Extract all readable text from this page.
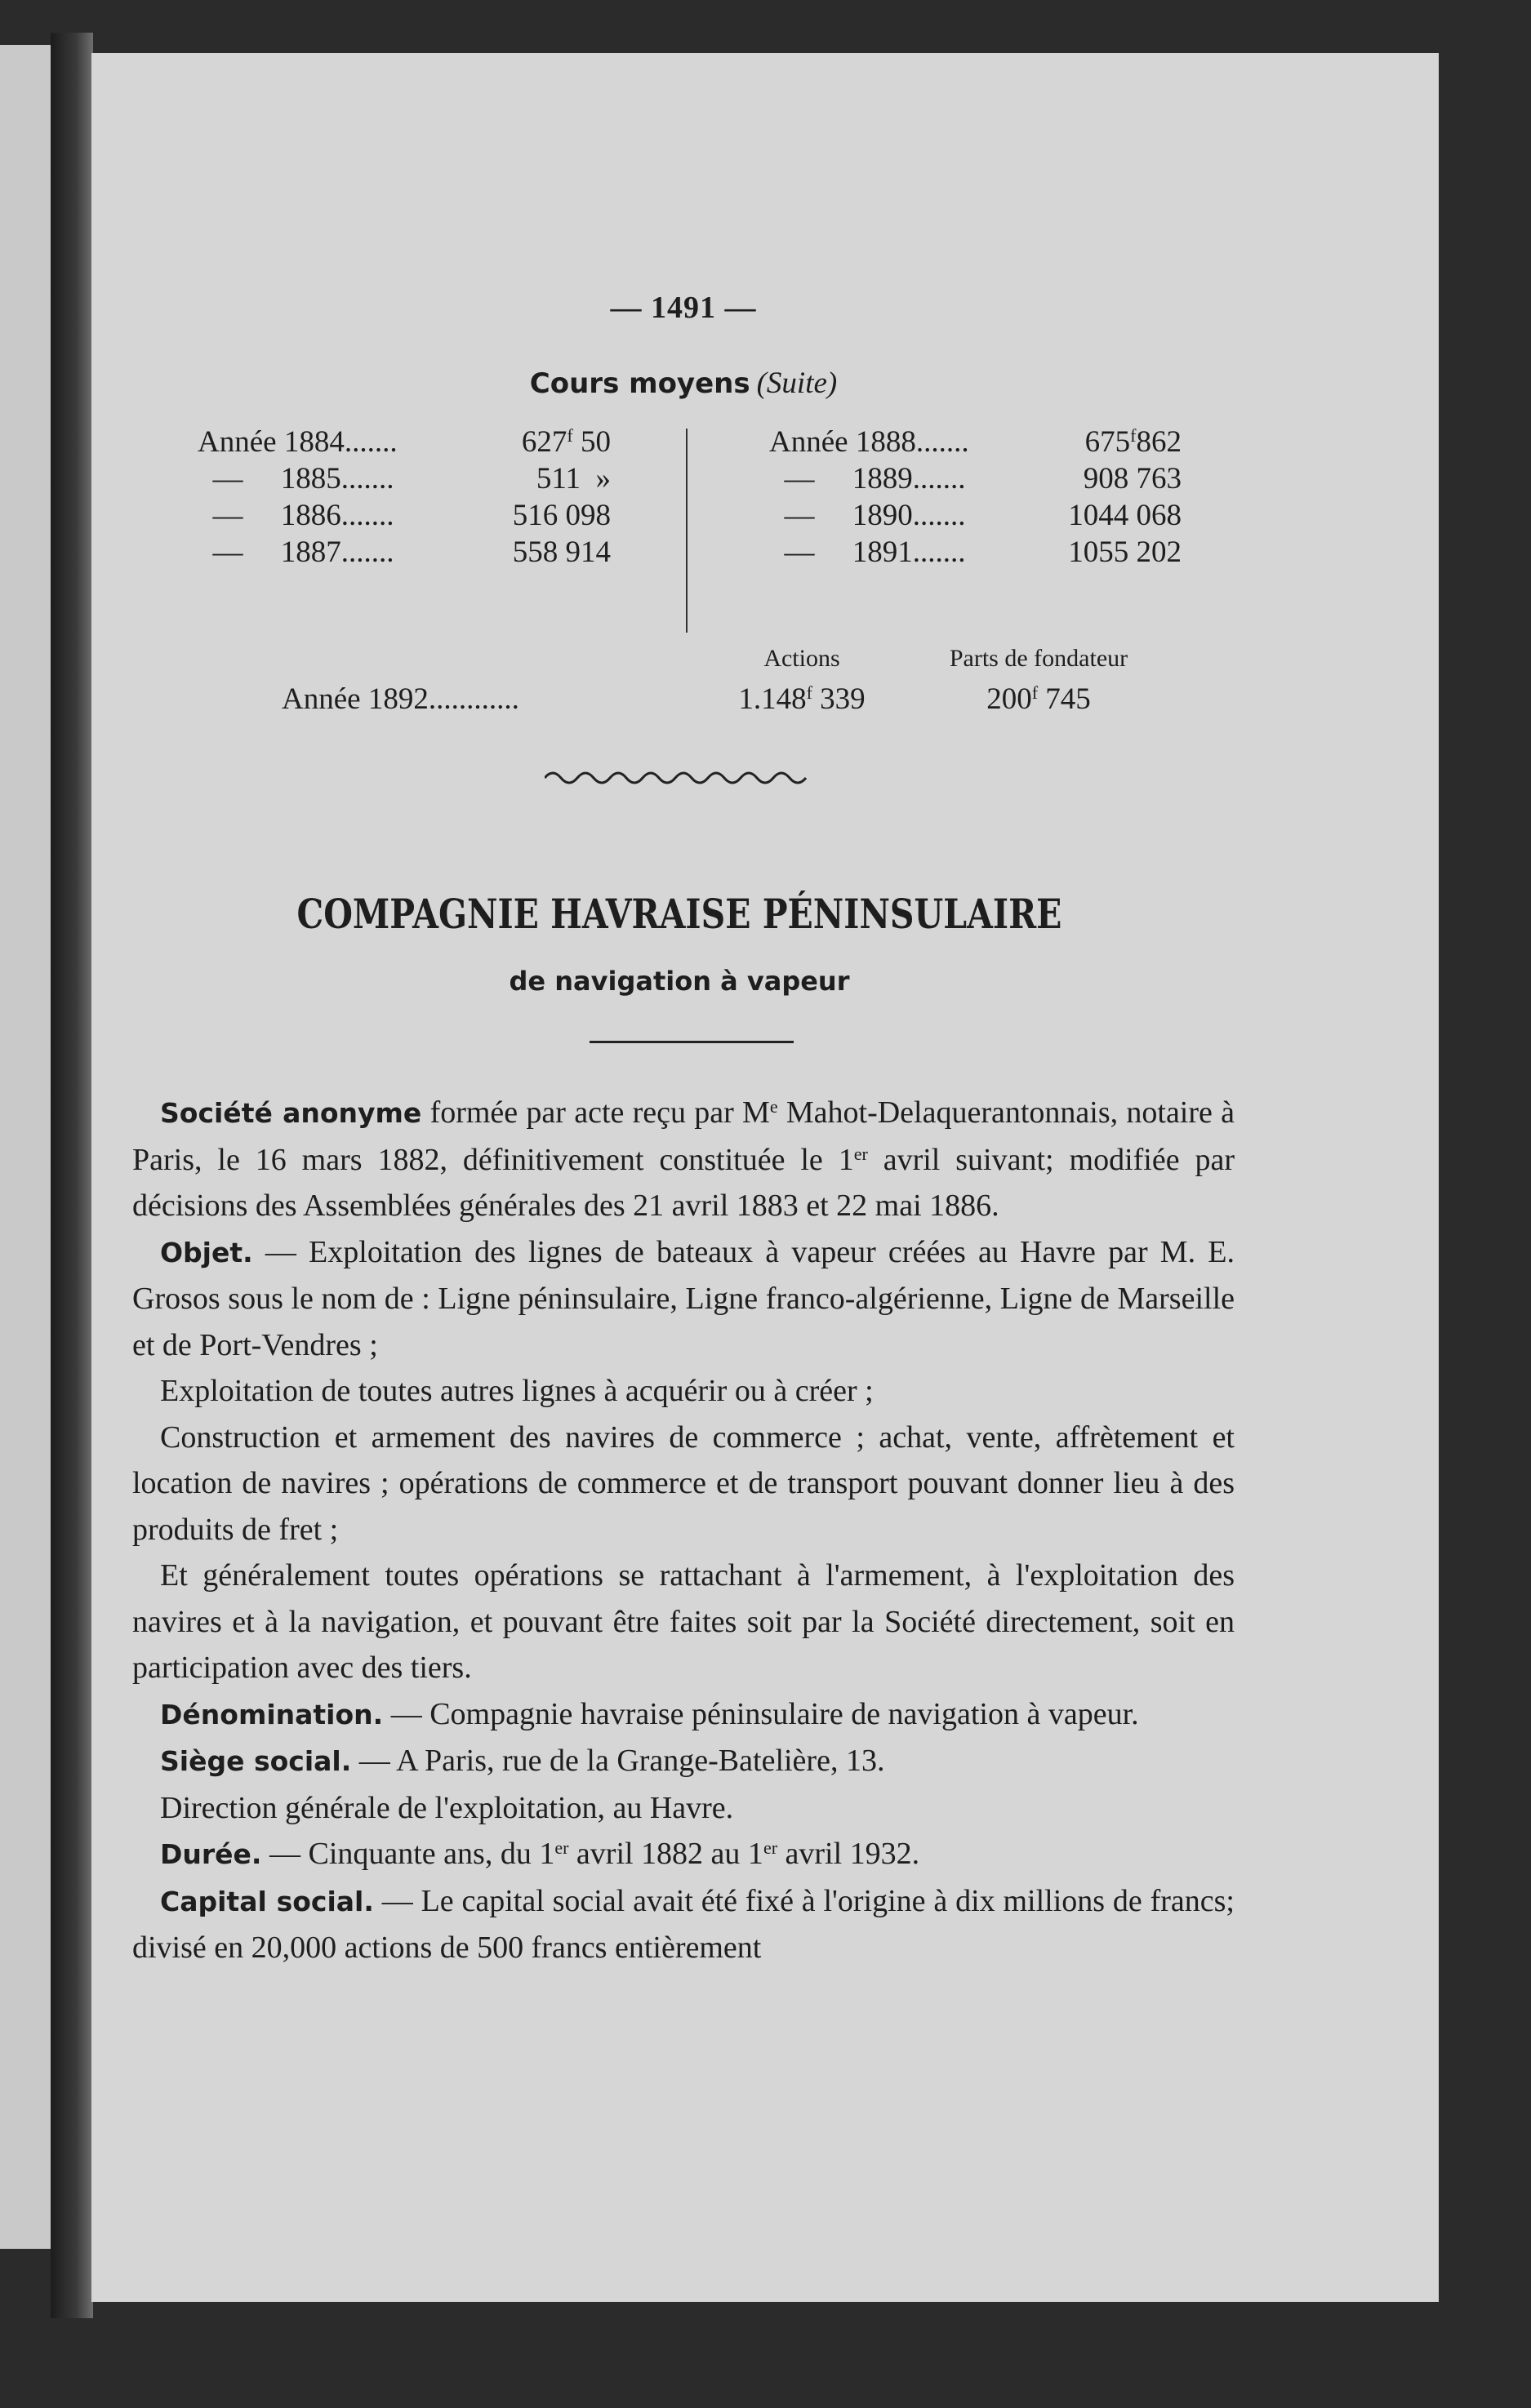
— 1491 —
Cours moyens (Suite)
Année 1884.......	627$^f$ 50
—     1885.......	511  »
—     1886.......	516 098
—     1887.......	558 914
Année 1888.......	675$^f$862
—     1889.......	908 763
—     1890.......	1044 068
—     1891.......	1055 202
Actions	Parts de fondateur
Année 1892............	1.148$^f$ 339	200$^f$ 745
COMPAGNIE HAVRAISE PÉNINSULAIRE
de navigation à vapeur

Société anonyme formée par acte reçu par Me Mahot-Delaquerantonnais, notaire à Paris, le 16 mars 1882, définitivement constituée le 1er avril suivant; modifiée par décisions des Assemblées générales des 21 avril 1883 et 22 mai 1886.

Objet. — Exploitation des lignes de bateaux à vapeur créées au Havre par M. E. Grosos sous le nom de : Ligne péninsulaire, Ligne franco-algérienne, Ligne de Marseille et de Port-Vendres ;

Exploitation de toutes autres lignes à acquérir ou à créer ;

Construction et armement des navires de commerce ; achat, vente, affrètement et location de navires ; opérations de commerce et de transport pouvant donner lieu à des produits de fret ;

Et généralement toutes opérations se rattachant à l'armement, à l'exploitation des navires et à la navigation, et pouvant être faites soit par la Société directement, soit en participation avec des tiers.

Dénomination. — Compagnie havraise péninsulaire de navigation à vapeur.

Siège social. — A Paris, rue de la Grange-Batelière, 13.

Direction générale de l'exploitation, au Havre.

Durée. — Cinquante ans, du 1er avril 1882 au 1er avril 1932.

Capital social. — Le capital social avait été fixé à l'origine à dix millions de francs; divisé en 20,000 actions de 500 francs entièrement
